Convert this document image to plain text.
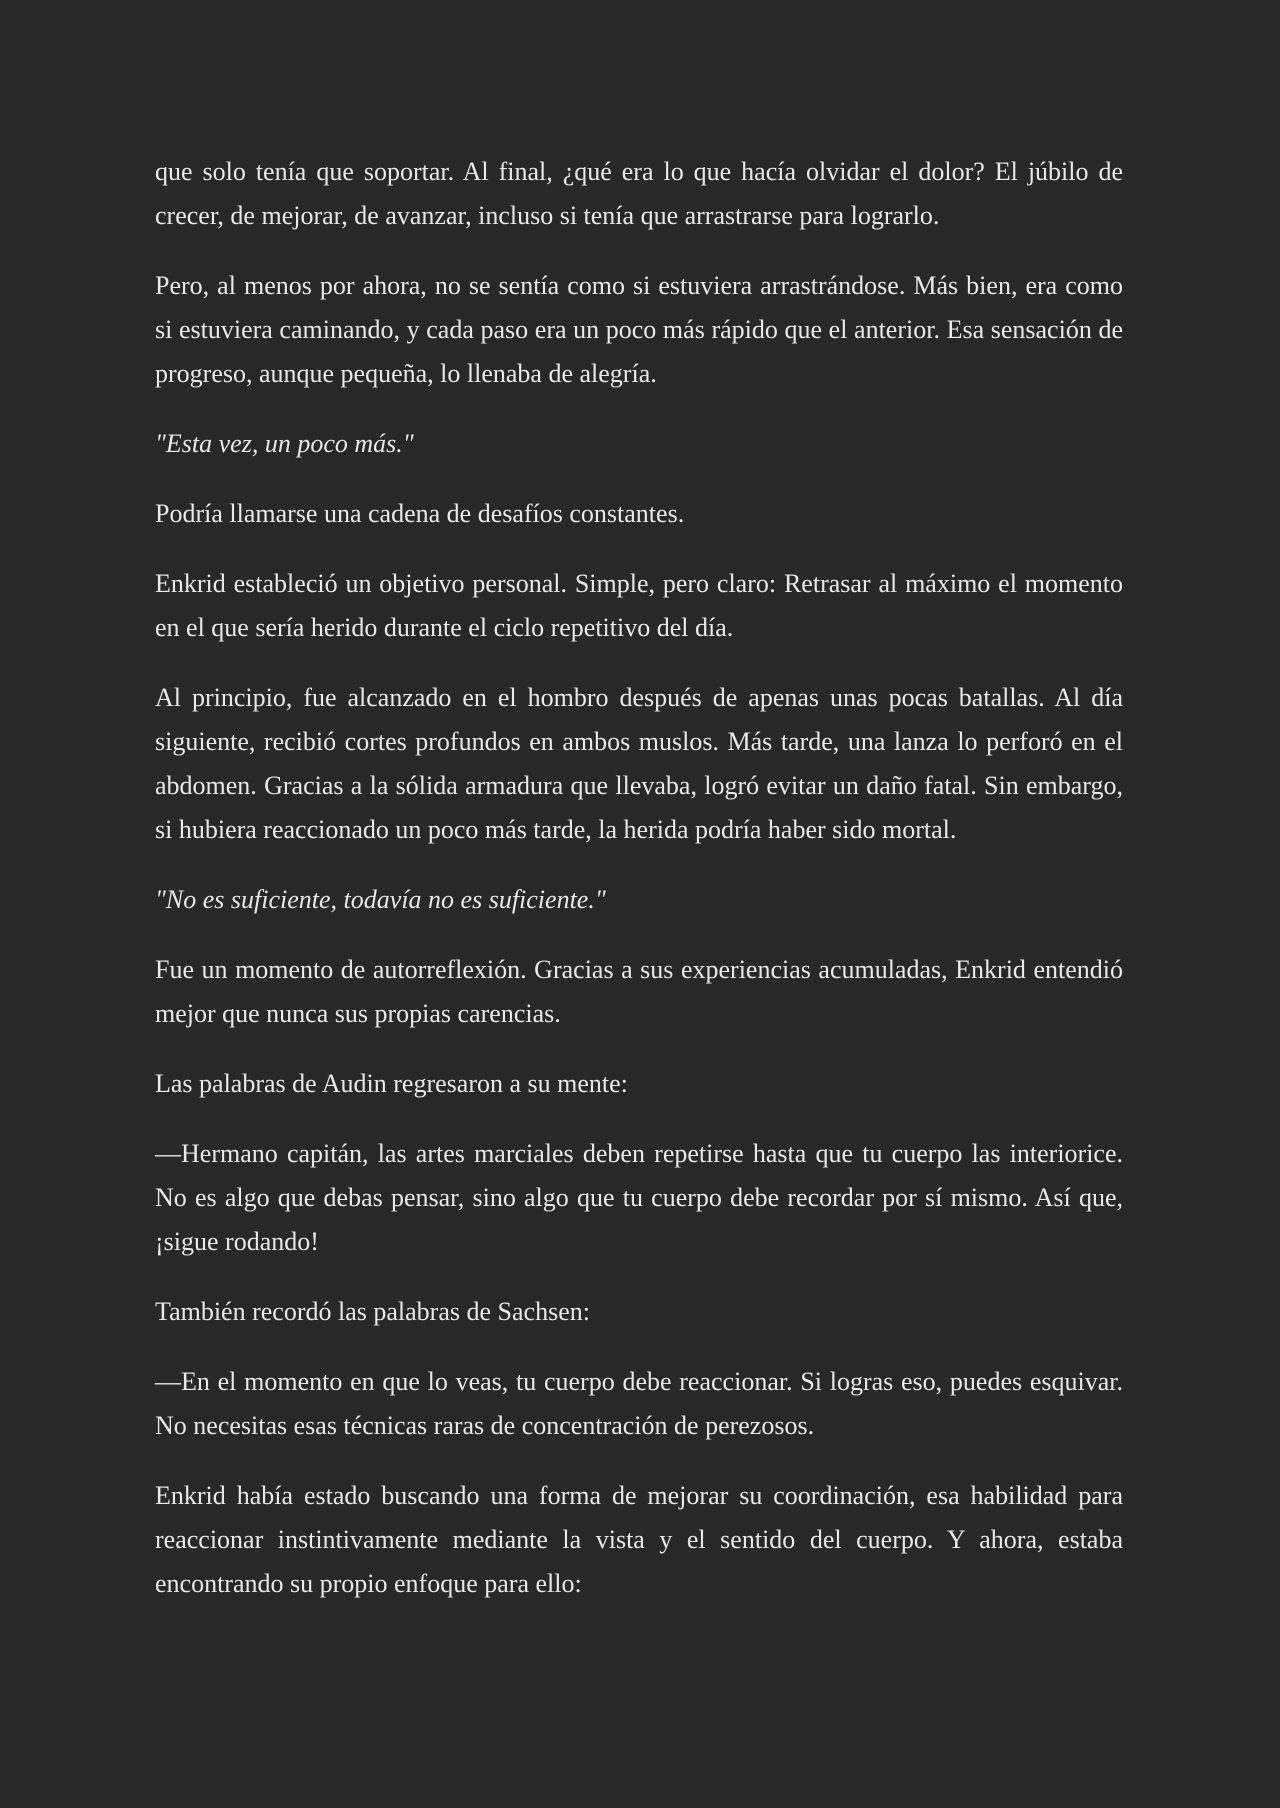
que solo tenía que soportar. Al final, ¿qué era lo que hacía olvidar el dolor? El júbilo de crecer, de mejorar, de avanzar, incluso si tenía que arrastrarse para lograrlo.

Pero, al menos por ahora, no se sentía como si estuviera arrastrándose. Más bien, era como si estuviera caminando, y cada paso era un poco más rápido que el anterior. Esa sensación de progreso, aunque pequeña, lo llenaba de alegría.

"Esta vez, un poco más."

Podría llamarse una cadena de desafíos constantes.

Enkrid estableció un objetivo personal. Simple, pero claro: Retrasar al máximo el momento en el que sería herido durante el ciclo repetitivo del día.

Al principio, fue alcanzado en el hombro después de apenas unas pocas batallas. Al día siguiente, recibió cortes profundos en ambos muslos. Más tarde, una lanza lo perforó en el abdomen. Gracias a la sólida armadura que llevaba, logró evitar un daño fatal. Sin embargo, si hubiera reaccionado un poco más tarde, la herida podría haber sido mortal.

"No es suficiente, todavía no es suficiente."

Fue un momento de autorreflexión. Gracias a sus experiencias acumuladas, Enkrid entendió mejor que nunca sus propias carencias.

Las palabras de Audin regresaron a su mente:

—Hermano capitán, las artes marciales deben repetirse hasta que tu cuerpo las interiorice. No es algo que debas pensar, sino algo que tu cuerpo debe recordar por sí mismo. Así que, ¡sigue rodando!

También recordó las palabras de Sachsen:

—En el momento en que lo veas, tu cuerpo debe reaccionar. Si logras eso, puedes esquivar. No necesitas esas técnicas raras de concentración de perezosos.

Enkrid había estado buscando una forma de mejorar su coordinación, esa habilidad para reaccionar instintivamente mediante la vista y el sentido del cuerpo. Y ahora, estaba encontrando su propio enfoque para ello:
